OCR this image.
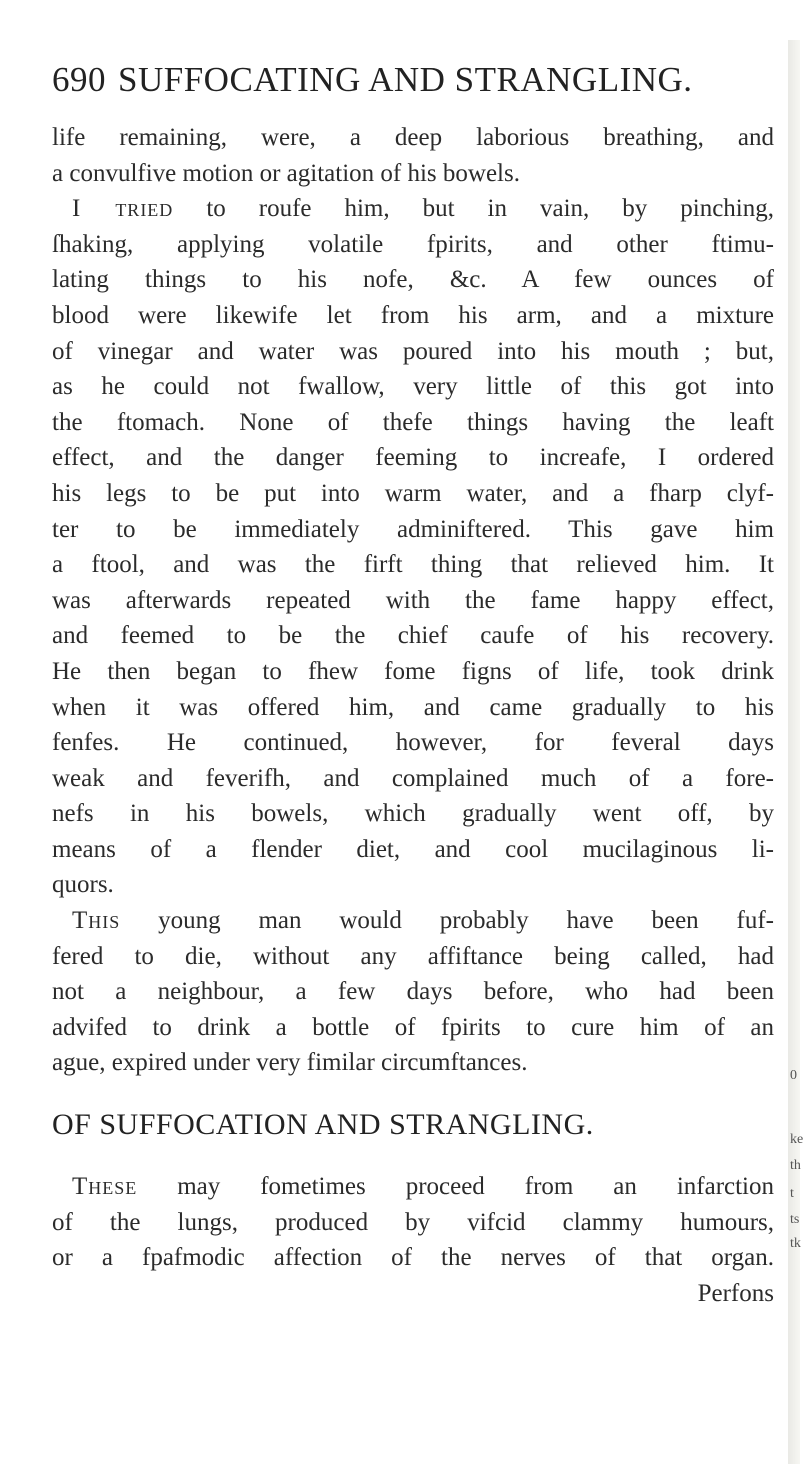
0
ke
th
t
ts
tk
690 SUFFOCATING AND STRANGLING.
life remaining, were, a deep laborious breathing, and
a convulfive motion or agitation of his bowels.
I tried to roufe him, but in vain, by pinching,
ſhaking, applying volatile fpirits, and other ftimu-
lating things to his nofe, &c. A few ounces of
blood were likewife let from his arm, and a mixture
of vinegar and water was poured into his mouth ; but,
as he could not fwallow, very little of this got into
the ftomach. None of thefe things having the leaft
effect, and the danger feeming to increafe, I ordered
his legs to be put into warm water, and a fharp clyf-
ter to be immediately adminiftered. This gave him
a ftool, and was the firft thing that relieved him. It
was afterwards repeated with the fame happy effect,
and feemed to be the chief caufe of his recovery.
He then began to fhew fome figns of life, took drink
when it was offered him, and came gradually to his
fenfes. He continued, however, for feveral days
weak and feverifh, and complained much of a fore-
nefs in his bowels, which gradually went off, by
means of a flender diet, and cool mucilaginous li-
quors.
This young man would probably have been fuf-
fered to die, without any affiftance being called, had
not a neighbour, a few days before, who had been
advifed to drink a bottle of fpirits to cure him of an
ague, expired under very fimilar circumftances.
OF SUFFOCATION AND STRANGLING.
These may fometimes proceed from an infarction
of the lungs, produced by vifcid clammy humours,
or a fpafmodic affection of the nerves of that organ.
Perfons
